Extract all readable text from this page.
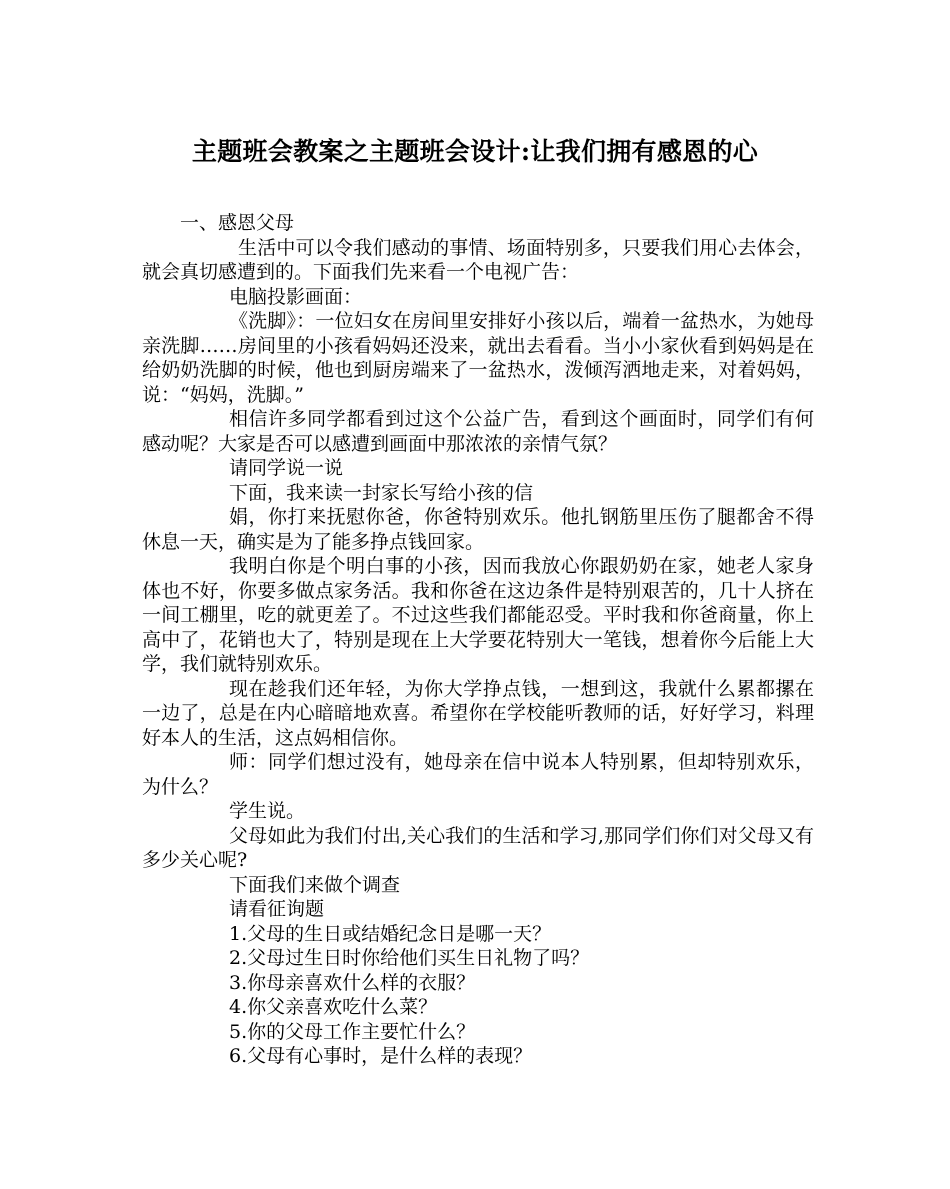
主题班会教案之主题班会设计:让我们拥有感恩的心

一、感恩父母

生活中可以令我们感动的事情、场面特别多，只要我们用心去体会，就会真切感遭到的。下面我们先来看一个电视广告：

电脑投影画面：

《洗脚》：一位妇女在房间里安排好小孩以后，端着一盆热水，为她母亲洗脚……房间里的小孩看妈妈还没来，就出去看看。当小小家伙看到妈妈是在给奶奶洗脚的时候，他也到厨房端来了一盆热水，泼倾泻洒地走来，对着妈妈，说：“妈妈，洗脚。”

相信许多同学都看到过这个公益广告，看到这个画面时，同学们有何感动呢？大家是否可以感遭到画面中那浓浓的亲情气氛？

请同学说一说

下面，我来读一封家长写给小孩的信

娟，你打来抚慰你爸，你爸特别欢乐。他扎钢筋里压伤了腿都舍不得休息一天，确实是为了能多挣点钱回家。

我明白你是个明白事的小孩，因而我放心你跟奶奶在家，她老人家身体也不好，你要多做点家务活。我和你爸在这边条件是特别艰苦的，几十人挤在一间工棚里，吃的就更差了。不过这些我们都能忍受。平时我和你爸商量，你上高中了，花销也大了，特别是现在上大学要花特别大一笔钱，想着你今后能上大学，我们就特别欢乐。

现在趁我们还年轻，为你大学挣点钱，一想到这，我就什么累都摞在一边了，总是在内心暗暗地欢喜。希望你在学校能听教师的话，好好学习，料理好本人的生活，这点妈相信你。

师：同学们想过没有，她母亲在信中说本人特别累，但却特别欢乐，为什么？

学生说。

父母如此为我们付出,关心我们的生活和学习,那同学们你们对父母又有多少关心呢?

下面我们来做个调查

请看征询题

1.父母的生日或结婚纪念日是哪一天？

2.父母过生日时你给他们买生日礼物了吗？

3.你母亲喜欢什么样的衣服？

4.你父亲喜欢吃什么菜？

5.你的父母工作主要忙什么？

6.父母有心事时，是什么样的表现？
